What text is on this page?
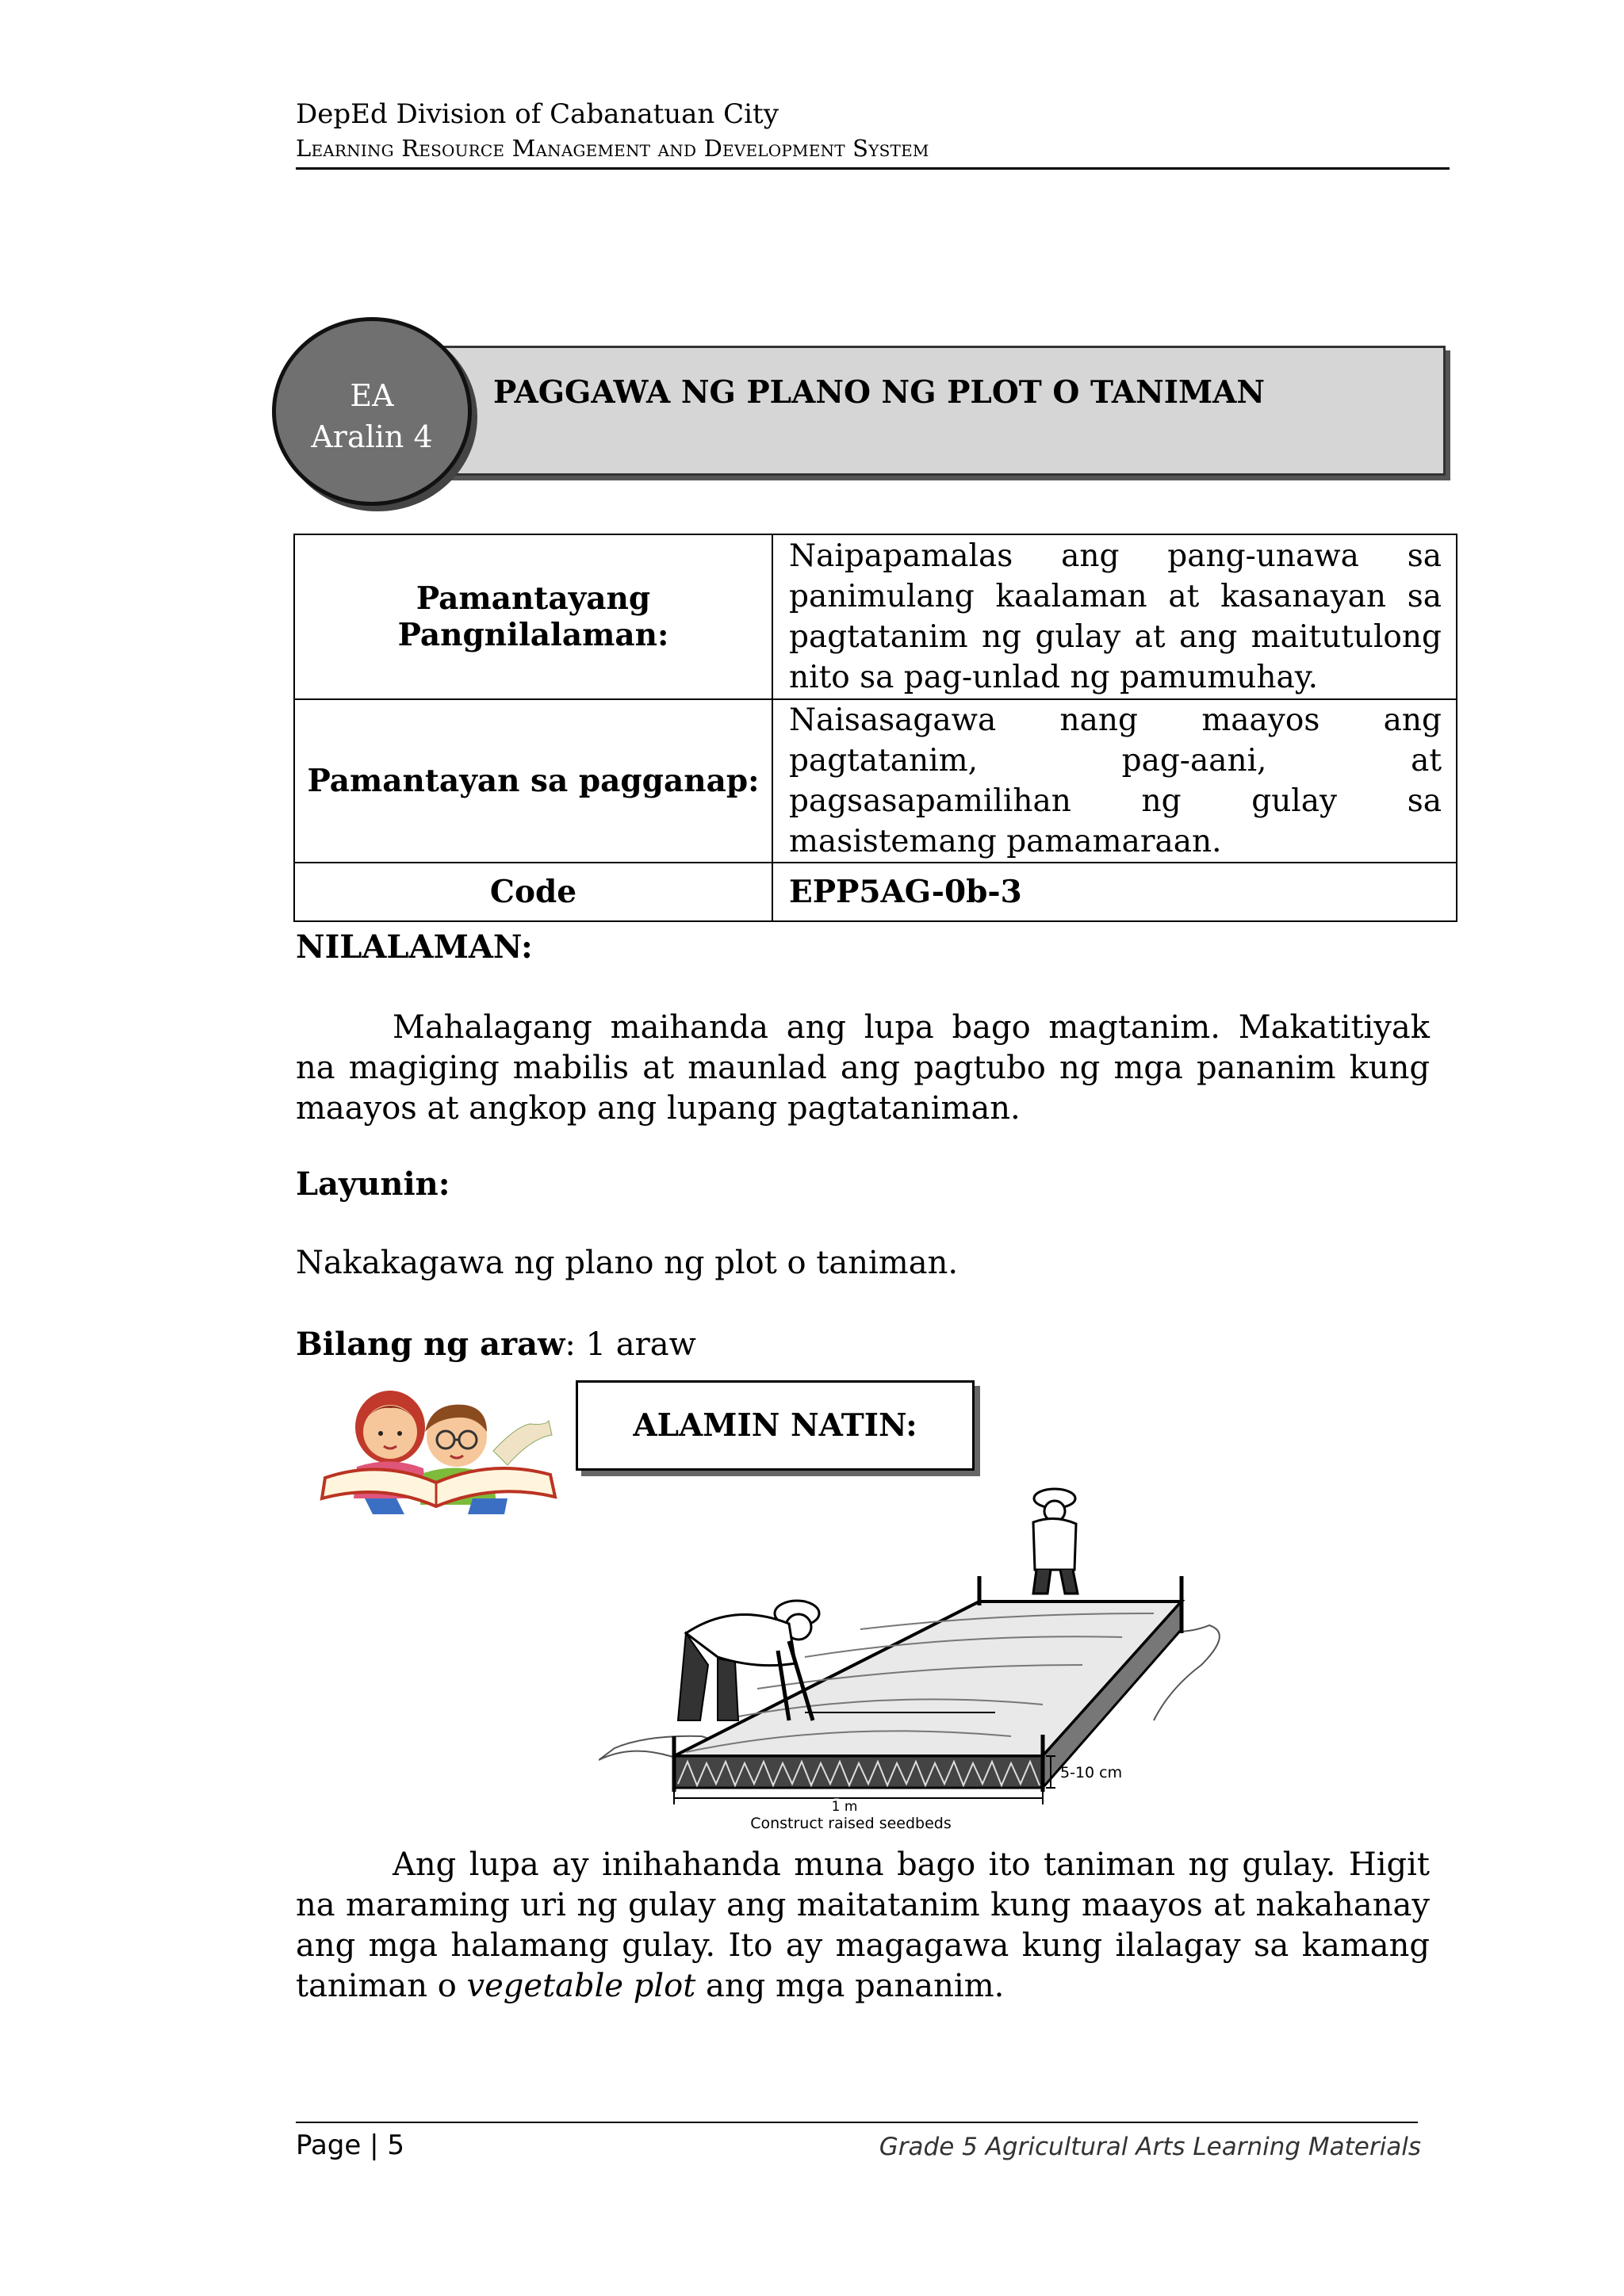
DepEd Division of Cabanatuan City
Learning Resource Management and Development System
PAGGAWA NG PLANO NG PLOT O TANIMAN
EA
Aralin 4
Pamantayang Pangnilalaman:	Naipapamalas ang pang-unawa sa panimulang kaalaman at kasanayan sa pagtatanim ng gulay at ang maitutulong nito sa pag-unlad ng pamumuhay.
Pamantayan sa pagganap:	Naisasagawa nang maayos ang pagtatanim, pag-aani, at pagsasapamilihan ng gulay sa masistemang pamamaraan.
Code	EPP5AG-0b-3
NILALAMAN:
Mahalagang maihanda ang lupa bago magtanim. Makatitiyak na magiging mabilis at maunlad ang pagtubo ng mga pananim kung maayos at angkop ang lupang pagtataniman.
Layunin:
Nakakagawa ng plano ng plot o taniman.
Bilang ng araw: 1 araw
ALAMIN NATIN:
5-10 cm
1 m
Construct raised seedbeds
Ang lupa ay inihahanda muna bago ito taniman ng gulay. Higit na maraming uri ng gulay ang maitatanim kung maayos at nakahanay ang mga halamang gulay. Ito ay magagawa kung ilalagay sa kamang taniman o vegetable plot ang mga pananim.
Page | 5	Grade 5 Agricultural Arts Learning Materials
